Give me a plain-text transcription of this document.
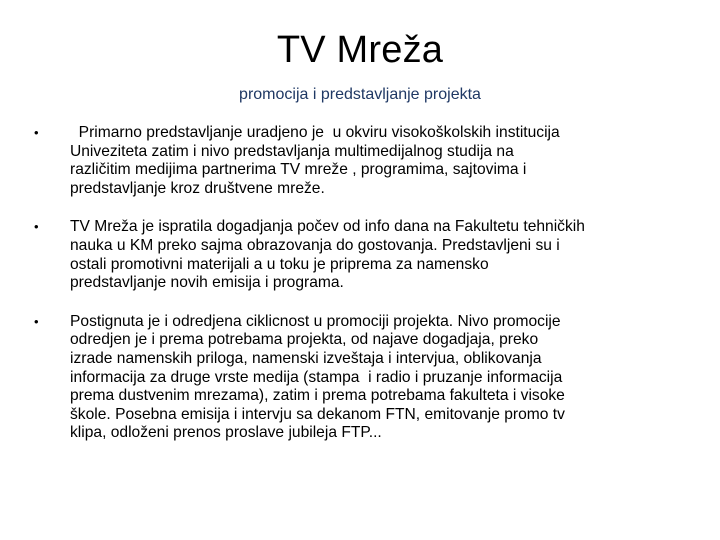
TV Mreža
promocija i predstavljanje projekta
• Primarno predstavljanje uradjeno je  u okviru visokoškolskih institucija
Univeziteta zatim i nivo predstavljanja multimedijalnog studija na
različitim medijima partnerima TV mreže , programima, sajtovima i
predstavljanje kroz društvene mreže.
• TV Mreža je ispratila dogadjanja počev od info dana na Fakultetu tehničkih
nauka u KM preko sajma obrazovanja do gostovanja. Predstavljeni su i
ostali promotivni materijali a u toku je priprema za namensko
predstavljanje novih emisija i programa.
• Postignuta je i odredjena ciklicnost u promociji projekta. Nivo promocije
odredjen je i prema potrebama projekta, od najave dogadjaja, preko
izrade namenskih priloga, namenski izveštaja i intervjua, oblikovanja
informacija za druge vrste medija (stampa  i radio i pruzanje informacija
prema dustvenim mrezama), zatim i prema potrebama fakulteta i visoke
škole. Posebna emisija i intervju sa dekanom FTN, emitovanje promo tv
klipa, odloženi prenos proslave jubileja FTP...
